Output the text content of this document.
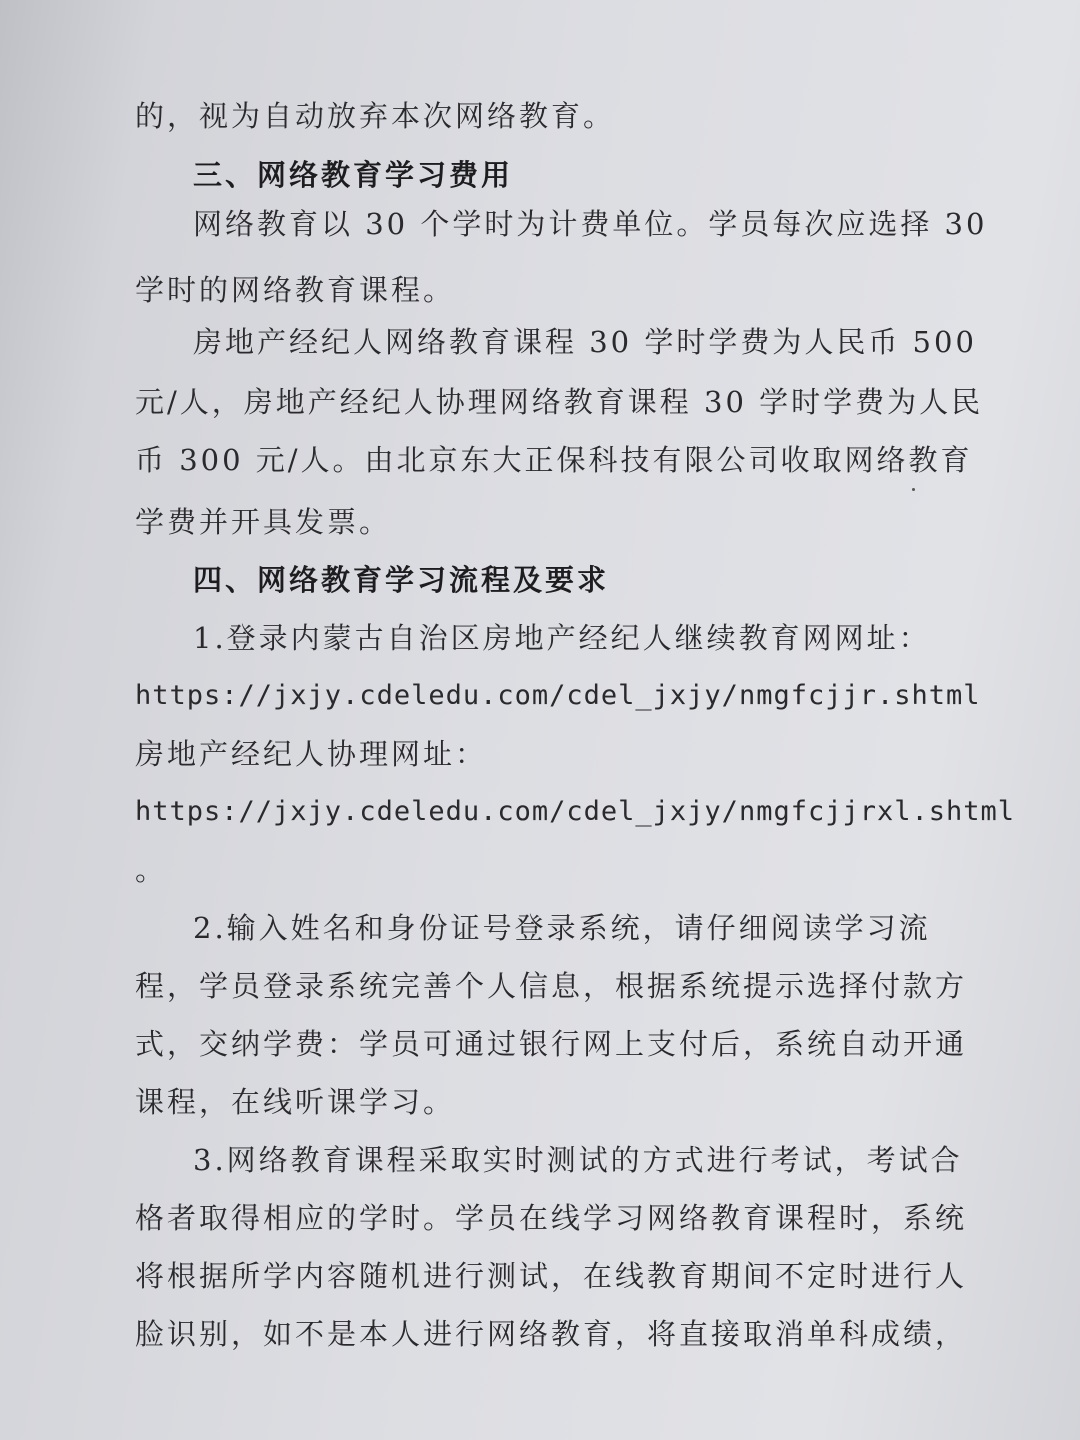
的，视为自动放弃本次网络教育。
三、网络教育学习费用
网络教育以 30 个学时为计费单位。学员每次应选择 30
学时的网络教育课程。
房地产经纪人网络教育课程 30 学时学费为人民币 500
元/人，房地产经纪人协理网络教育课程 30 学时学费为人民
币 300 元/人。由北京东大正保科技有限公司收取网络教育
学费并开具发票。
四、网络教育学习流程及要求
1.登录内蒙古自治区房地产经纪人继续教育网网址：
https://jxjy.cdeledu.com/cdel_jxjy/nmgfcjjr.shtml
房地产经纪人协理网址：
https://jxjy.cdeledu.com/cdel_jxjy/nmgfcjjrxl.shtml
。
2.输入姓名和身份证号登录系统，请仔细阅读学习流
程，学员登录系统完善个人信息，根据系统提示选择付款方
式，交纳学费：学员可通过银行网上支付后，系统自动开通
课程，在线听课学习。
3.网络教育课程采取实时测试的方式进行考试，考试合
格者取得相应的学时。学员在线学习网络教育课程时，系统
将根据所学内容随机进行测试，在线教育期间不定时进行人
脸识别，如不是本人进行网络教育，将直接取消单科成绩，
